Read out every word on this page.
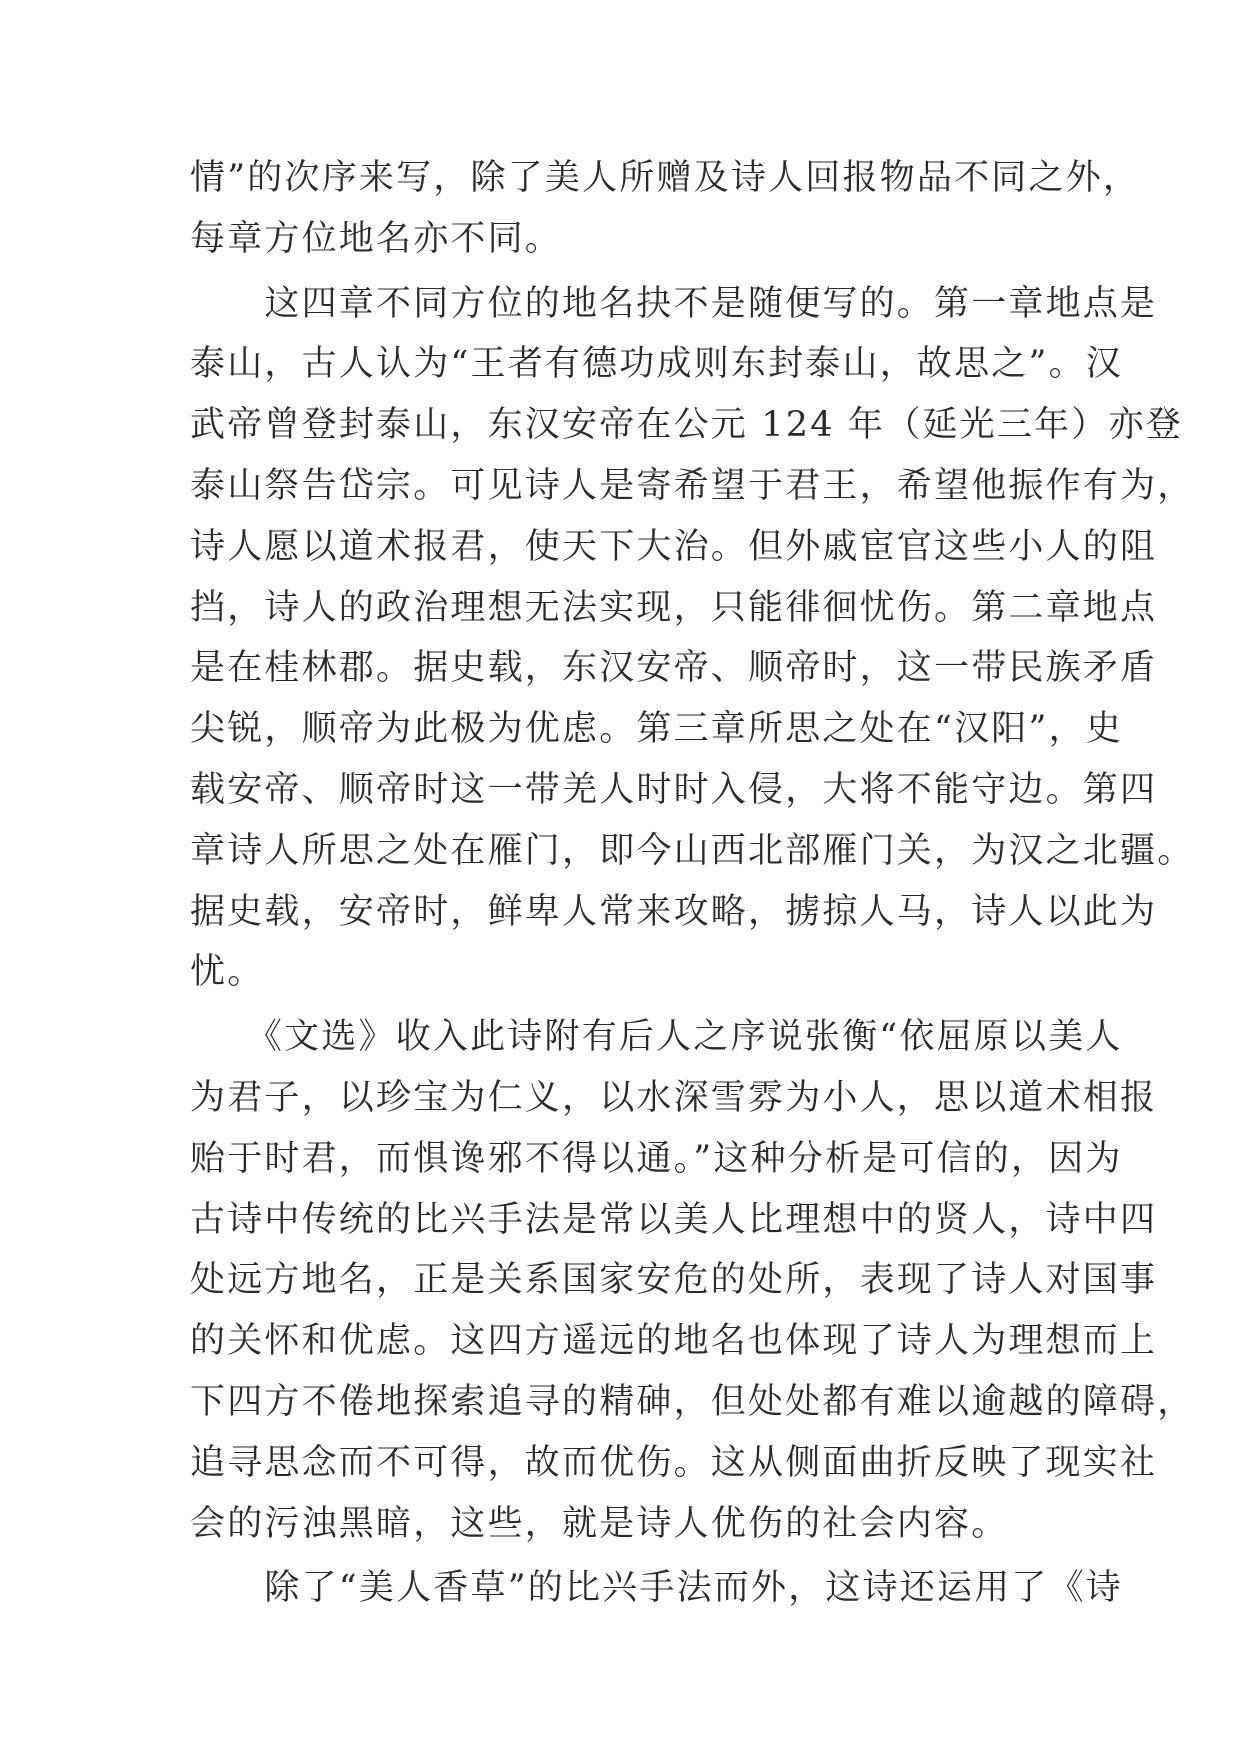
情”的次序来写，除了美人所赠及诗人回报物品不同之外，
每章方位地名亦不同。
　　这四章不同方位的地名抉不是随便写的。第一章地点是
泰山，古人认为“王者有德功成则东封泰山，故思之”。汉
武帝曾登封泰山，东汉安帝在公元 124 年（延光三年）亦登
泰山祭告岱宗。可见诗人是寄希望于君王，希望他振作有为，
诗人愿以道术报君，使天下大治。但外戚宦官这些小人的阻
挡，诗人的政治理想无法实现，只能徘徊忧伤。第二章地点
是在桂林郡。据史载，东汉安帝、顺帝时，这一带民族矛盾
尖锐，顺帝为此极为优虑。第三章所思之处在“汉阳”，史
载安帝、顺帝时这一带羌人时时入侵，大将不能守边。第四
章诗人所思之处在雁门，即今山西北部雁门关，为汉之北疆。
据史载，安帝时，鲜卑人常来攻略，掳掠人马，诗人以此为
忧。
　　《文选》收入此诗附有后人之序说张衡“依屈原以美人
为君子，以珍宝为仁义，以水深雪雰为小人，思以道术相报
贻于时君，而惧谗邪不得以通。”这种分析是可信的，因为
古诗中传统的比兴手法是常以美人比理想中的贤人，诗中四
处远方地名，正是关系国家安危的处所，表现了诗人对国事
的关怀和优虑。这四方遥远的地名也体现了诗人为理想而上
下四方不倦地探索追寻的精砷，但处处都有难以逾越的障碍，
追寻思念而不可得，故而优伤。这从侧面曲折反映了现实社
会的污浊黑暗，这些，就是诗人优伤的社会内容。
　　除了“美人香草”的比兴手法而外，这诗还运用了《诗
